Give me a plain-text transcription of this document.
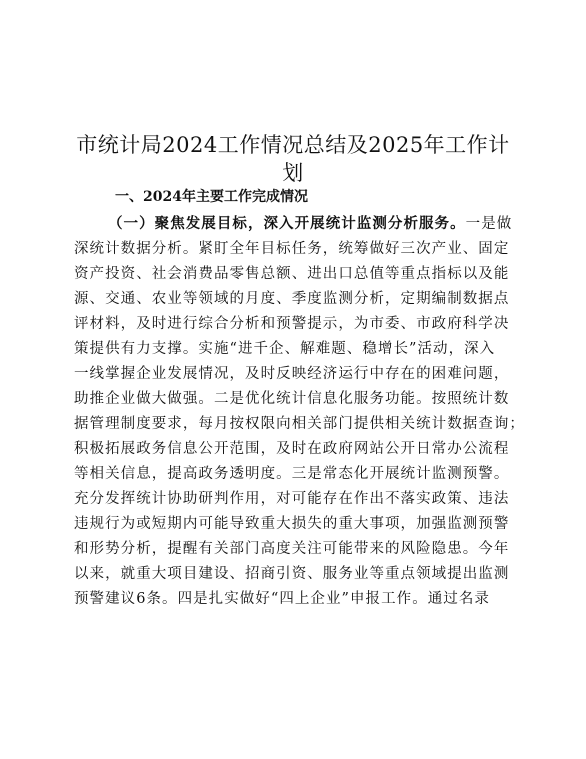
市统计局2024工作情况总结及2025年工作计
划
一、2024年主要工作完成情况
（一）聚焦发展目标，深入开展统计监测分析服务。一是做
深统计数据分析。紧盯全年目标任务，统筹做好三次产业、固定
资产投资、社会消费品零售总额、进出口总值等重点指标以及能
源、交通、农业等领域的月度、季度监测分析，定期编制数据点
评材料，及时进行综合分析和预警提示，为市委、市政府科学决
策提供有力支撑。实施“进千企、解难题、稳增长”活动，深入
一线掌握企业发展情况，及时反映经济运行中存在的困难问题，
助推企业做大做强。二是优化统计信息化服务功能。按照统计数
据管理制度要求，每月按权限向相关部门提供相关统计数据查询；
积极拓展政务信息公开范围，及时在政府网站公开日常办公流程
等相关信息，提高政务透明度。三是常态化开展统计监测预警。
充分发挥统计协助研判作用，对可能存在作出不落实政策、违法
违规行为或短期内可能导致重大损失的重大事项，加强监测预警
和形势分析，提醒有关部门高度关注可能带来的风险隐患。今年
以来，就重大项目建设、招商引资、服务业等重点领域提出监测
预警建议6条。四是扎实做好“四上企业”申报工作。通过名录
